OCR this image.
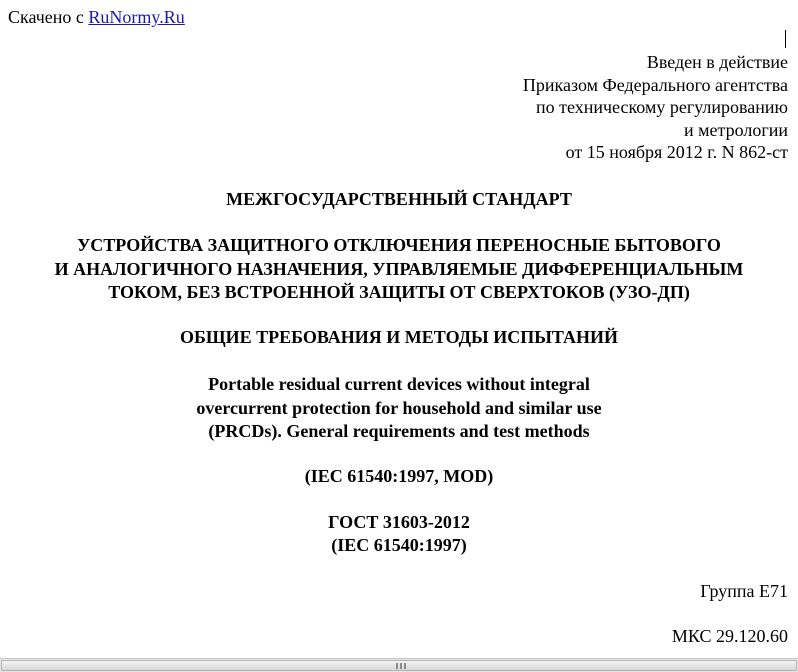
Скачено с RuNormy.Ru
Введен в действие
Приказом Федерального агентства
по техническому регулированию
и метрологии
от 15 ноября 2012 г. N 862-ст
МЕЖГОСУДАРСТВЕННЫЙ СТАНДАРТ
УСТРОЙСТВА ЗАЩИТНОГО ОТКЛЮЧЕНИЯ ПЕРЕНОСНЫЕ БЫТОВОГО
И АНАЛОГИЧНОГО НАЗНАЧЕНИЯ, УПРАВЛЯЕМЫЕ ДИФФЕРЕНЦИАЛЬНЫМ
ТОКОМ, БЕЗ ВСТРОЕННОЙ ЗАЩИТЫ ОТ СВЕРХТОКОВ (УЗО-ДП)
ОБЩИЕ ТРЕБОВАНИЯ И МЕТОДЫ ИСПЫТАНИЙ
Portable residual current devices without integral
overcurrent protection for household and similar use
(PRCDs). General requirements and test methods
(IEC 61540:1997, MOD)
ГОСТ 31603-2012
(IEC 61540:1997)
Группа Е71
МКС 29.120.60
